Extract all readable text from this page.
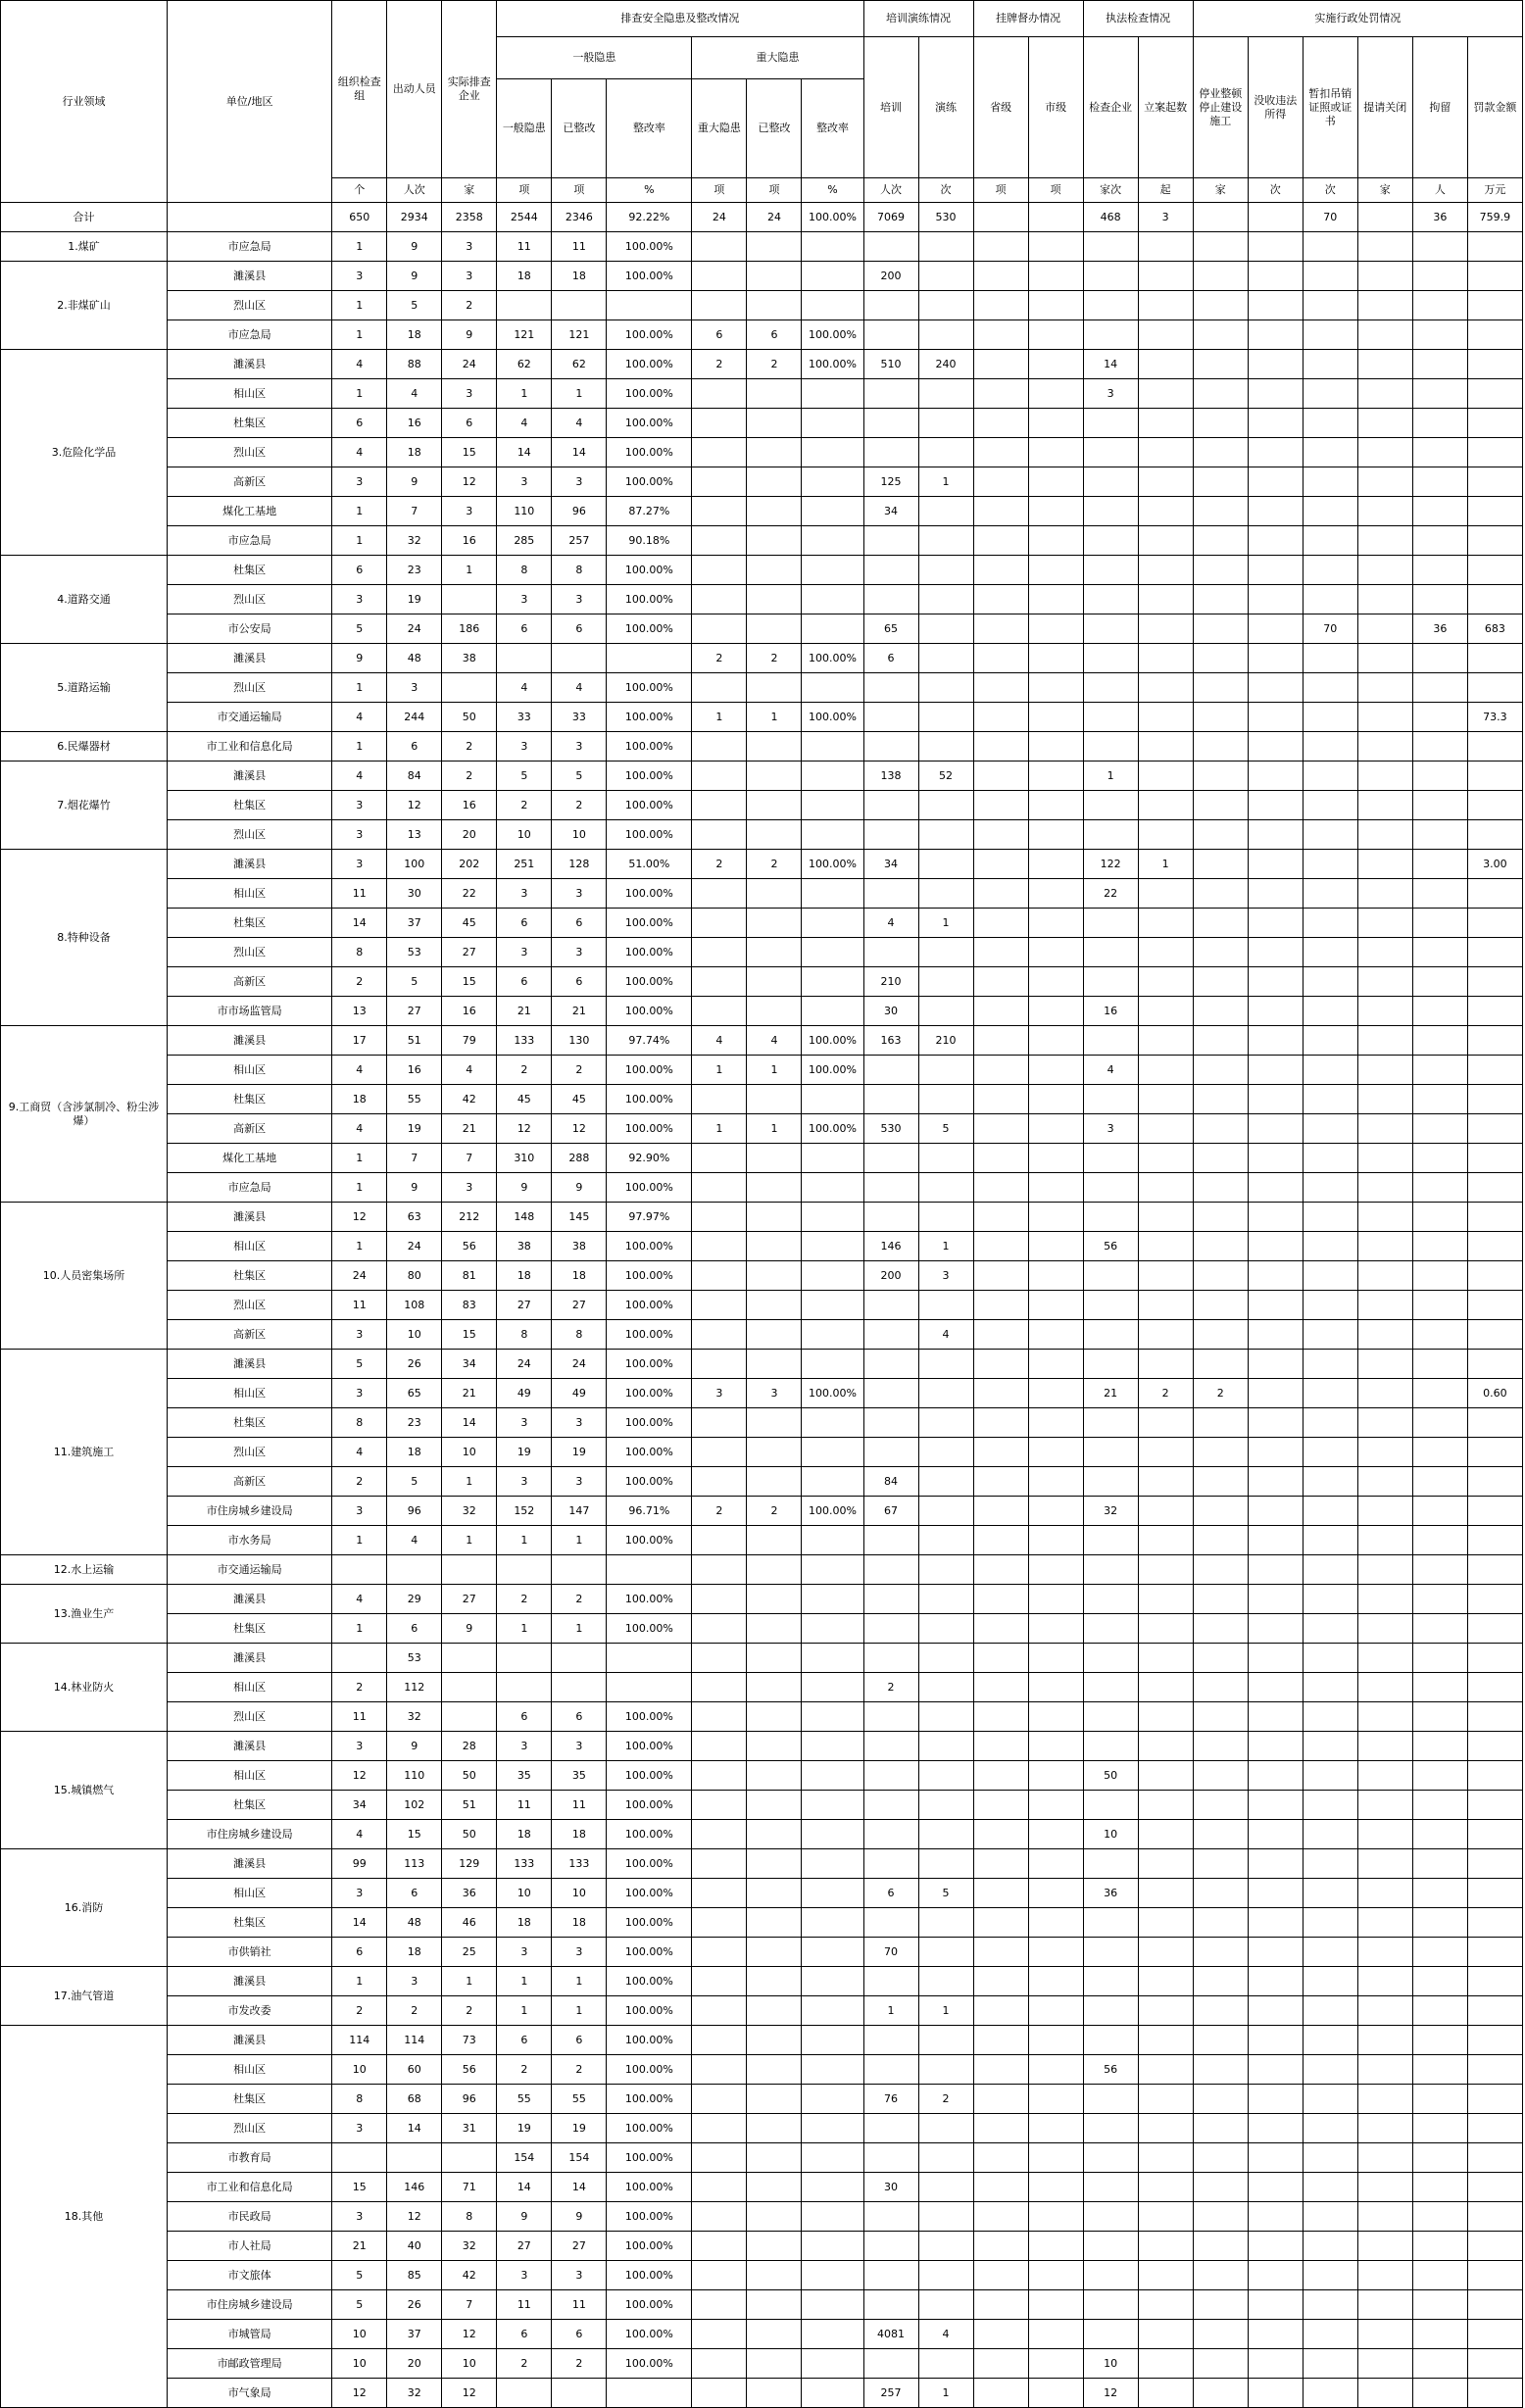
行业领域	单位/地区	组织检查组	出动人员	实际排查企业	排查安全隐患及整改情况						培训演练情况		挂牌督办情况		执法检查情况		实施行政处罚情况					
					一般隐患			重大隐患			培训	演练	省级	市级	检查企业	立案起数	停业整顿停止建设施工	没收违法所得	暂扣吊销证照或证书	提请关闭	拘留	罚款金额
					一般隐患	已整改	整改率	重大隐患	已整改	整改率												
		个	人次	家	项	项	%	项	项	%	人次	次	项	项	家次	起	家	次	次	家	人	万元
合计		650	2934	2358	2544	2346	92.22%	24	24	100.00%	7069	530			468	3			70		36	759.9
1.煤矿	市应急局	1	9	3	11	11	100.00%															
2.非煤矿山	濉溪县	3	9	3	18	18	100.00%				200											
	烈山区	1	5	2																		
	市应急局	1	18	9	121	121	100.00%	6	6	100.00%												
3.危险化学品	濉溪县	4	88	24	62	62	100.00%	2	2	100.00%	510	240			14							
	相山区	1	4	3	1	1	100.00%								3							
	杜集区	6	16	6	4	4	100.00%															
	烈山区	4	18	15	14	14	100.00%															
	高新区	3	9	12	3	3	100.00%				125	1										
	煤化工基地	1	7	3	110	96	87.27%				34											
	市应急局	1	32	16	285	257	90.18%															
4.道路交通	杜集区	6	23	1	8	8	100.00%															
	烈山区	3	19		3	3	100.00%															
	市公安局	5	24	186	6	6	100.00%				65								70		36	683
5.道路运输	濉溪县	9	48	38				2	2	100.00%	6											
	烈山区	1	3		4	4	100.00%															
	市交通运输局	4	244	50	33	33	100.00%	1	1	100.00%												73.3
6.民爆器材	市工业和信息化局	1	6	2	3	3	100.00%															
7.烟花爆竹	濉溪县	4	84	2	5	5	100.00%				138	52			1							
	杜集区	3	12	16	2	2	100.00%															
	烈山区	3	13	20	10	10	100.00%															
8.特种设备	濉溪县	3	100	202	251	128	51.00%	2	2	100.00%	34				122	1						3.00
	相山区	11	30	22	3	3	100.00%								22							
	杜集区	14	37	45	6	6	100.00%				4	1										
	烈山区	8	53	27	3	3	100.00%															
	高新区	2	5	15	6	6	100.00%				210											
	市市场监管局	13	27	16	21	21	100.00%				30				16							
9.工商贸（含涉氯制冷、粉尘涉爆）	濉溪县	17	51	79	133	130	97.74%	4	4	100.00%	163	210										
	相山区	4	16	4	2	2	100.00%	1	1	100.00%					4							
	杜集区	18	55	42	45	45	100.00%															
	高新区	4	19	21	12	12	100.00%	1	1	100.00%	530	5			3							
	煤化工基地	1	7	7	310	288	92.90%															
	市应急局	1	9	3	9	9	100.00%															
10.人员密集场所	濉溪县	12	63	212	148	145	97.97%															
	相山区	1	24	56	38	38	100.00%				146	1			56							
	杜集区	24	80	81	18	18	100.00%				200	3										
	烈山区	11	108	83	27	27	100.00%															
	高新区	3	10	15	8	8	100.00%					4										
11.建筑施工	濉溪县	5	26	34	24	24	100.00%															
	相山区	3	65	21	49	49	100.00%	3	3	100.00%					21	2	2					0.60
	杜集区	8	23	14	3	3	100.00%															
	烈山区	4	18	10	19	19	100.00%															
	高新区	2	5	1	3	3	100.00%				84											
	市住房城乡建设局	3	96	32	152	147	96.71%	2	2	100.00%	67				32							
	市水务局	1	4	1	1	1	100.00%															
12.水上运输	市交通运输局																					
13.渔业生产	濉溪县	4	29	27	2	2	100.00%															
	杜集区	1	6	9	1	1	100.00%															
14.林业防火	濉溪县		53																			
	相山区	2	112								2											
	烈山区	11	32		6	6	100.00%															
15.城镇燃气	濉溪县	3	9	28	3	3	100.00%															
	相山区	12	110	50	35	35	100.00%								50							
	杜集区	34	102	51	11	11	100.00%															
	市住房城乡建设局	4	15	50	18	18	100.00%								10							
16.消防	濉溪县	99	113	129	133	133	100.00%															
	相山区	3	6	36	10	10	100.00%				6	5			36							
	杜集区	14	48	46	18	18	100.00%															
	市供销社	6	18	25	3	3	100.00%				70											
17.油气管道	濉溪县	1	3	1	1	1	100.00%															
	市发改委	2	2	2	1	1	100.00%				1	1										
18.其他	濉溪县	114	114	73	6	6	100.00%															
	相山区	10	60	56	2	2	100.00%								56							
	杜集区	8	68	96	55	55	100.00%				76	2										
	烈山区	3	14	31	19	19	100.00%															
	市教育局				154	154	100.00%															
	市工业和信息化局	15	146	71	14	14	100.00%				30											
	市民政局	3	12	8	9	9	100.00%															
	市人社局	21	40	32	27	27	100.00%															
	市文旅体	5	85	42	3	3	100.00%															
	市住房城乡建设局	5	26	7	11	11	100.00%															
	市城管局	10	37	12	6	6	100.00%				4081	4										
	市邮政管理局	10	20	10	2	2	100.00%								10							
	市气象局	12	32	12							257	1			12							
